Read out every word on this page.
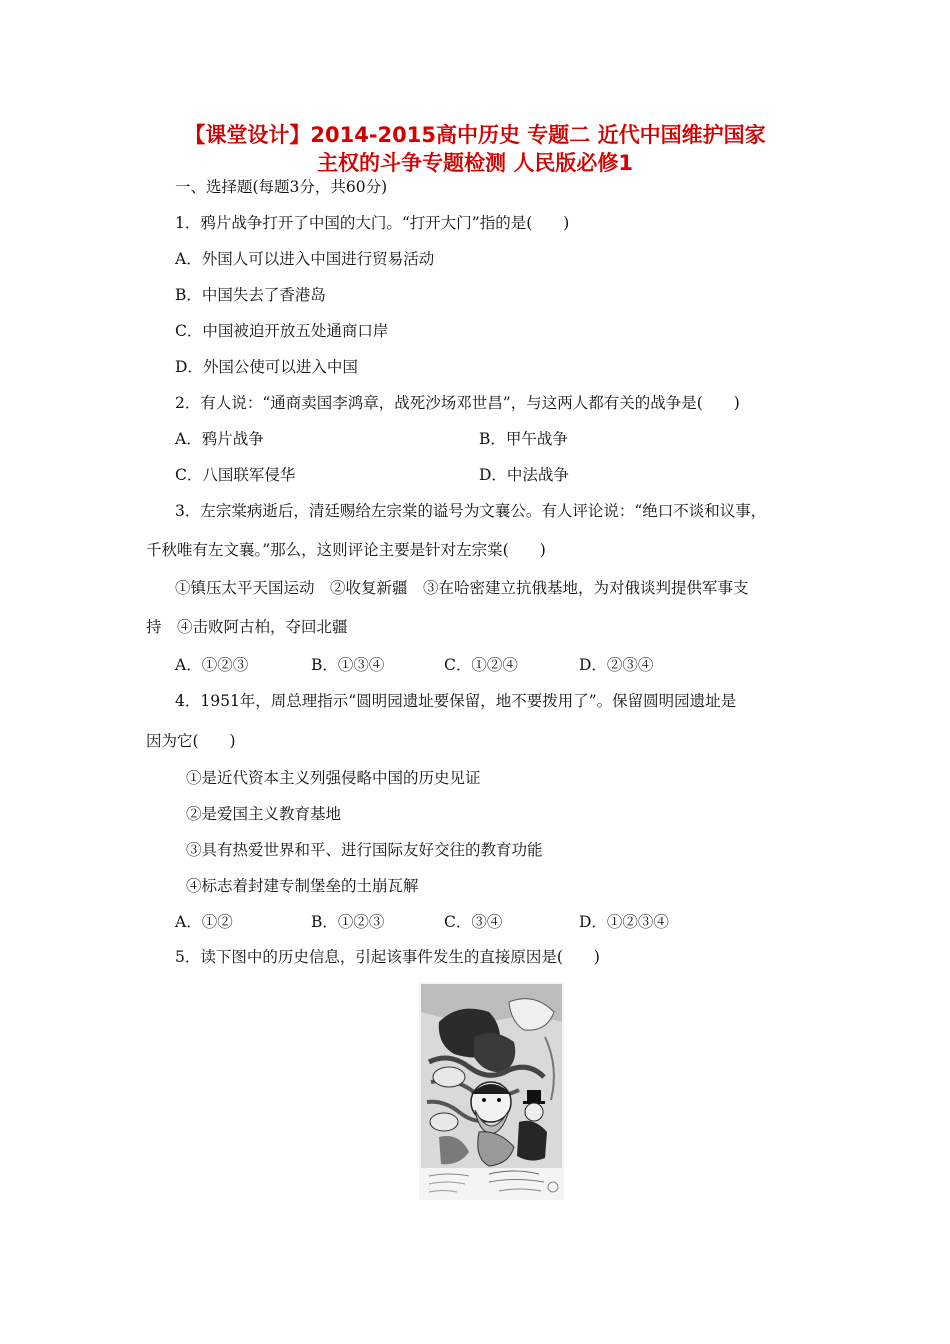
【课堂设计】2014-2015高中历史 专题二 近代中国维护国家
主权的斗争专题检测 人民版必修1
一、选择题(每题3分，共60分)
1．鸦片战争打开了中国的大门。“打开大门”指的是(　　)
A．外国人可以进入中国进行贸易活动
B．中国失去了香港岛
C．中国被迫开放五处通商口岸
D．外国公使可以进入中国
2．有人说：“通商卖国李鸿章，战死沙场邓世昌”，与这两人都有关的战争是(　　)
A．鸦片战争	B．甲午战争
C．八国联军侵华	D．中法战争
3．左宗棠病逝后，清廷赐给左宗棠的谥号为文襄公。有人评论说：“绝口不谈和议事，
千秋唯有左文襄。”那么，这则评论主要是针对左宗棠(　　)
①镇压太平天国运动　②收复新疆　③在哈密建立抗俄基地，为对俄谈判提供军事支
持　④击败阿古柏，夺回北疆
A．①②③	B．①③④	C．①②④	D．②③④
4．1951年，周总理指示“圆明园遗址要保留，地不要拨用了”。保留圆明园遗址是
因为它(　　)
①是近代资本主义列强侵略中国的历史见证
②是爱国主义教育基地
③具有热爱世界和平、进行国际友好交往的教育功能
④标志着封建专制堡垒的土崩瓦解
A．①②	B．①②③	C．③④	D．①②③④
5．读下图中的历史信息，引起该事件发生的直接原因是(　　)
